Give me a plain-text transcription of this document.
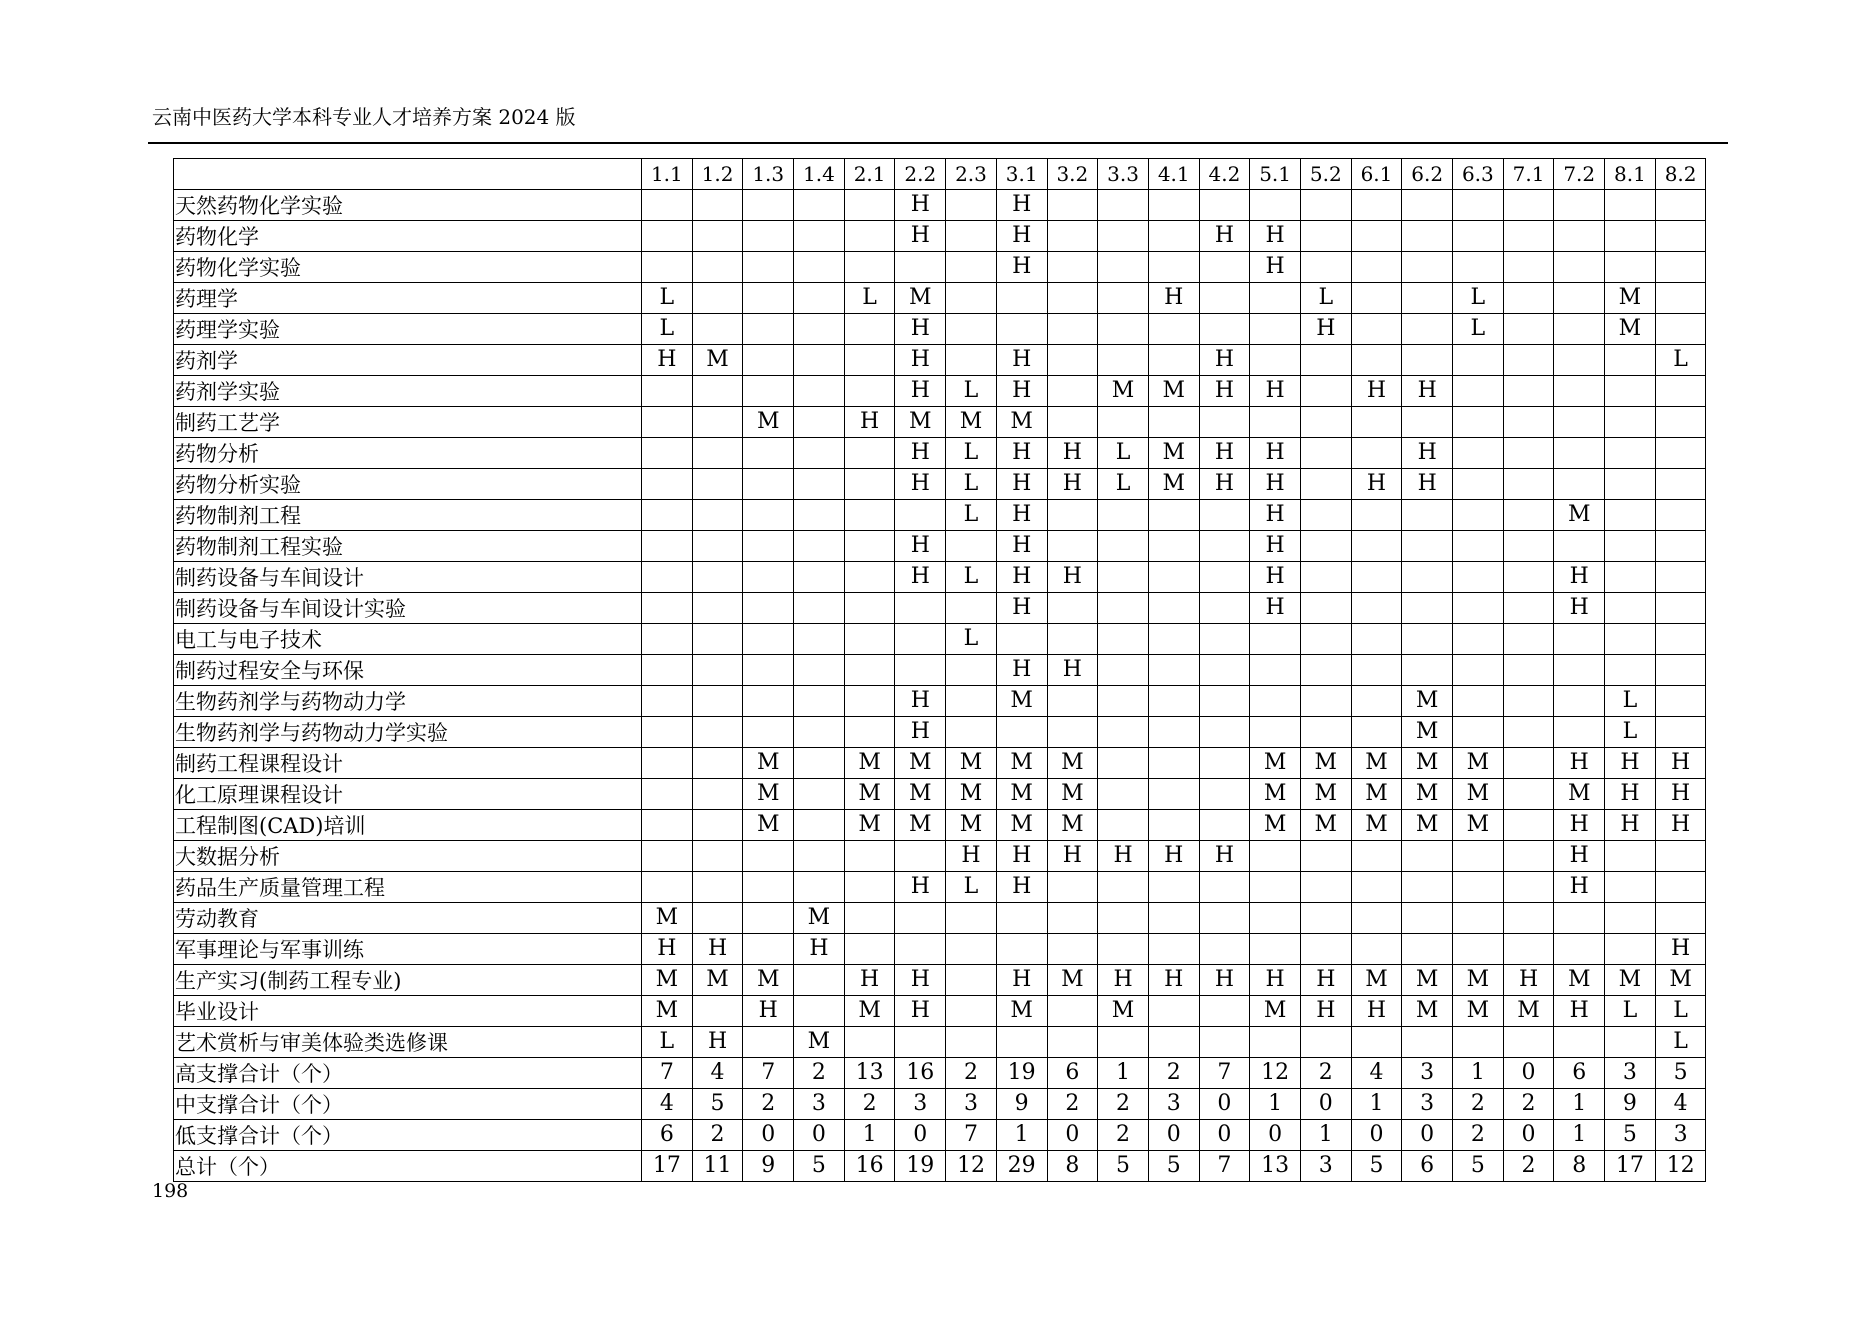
云南中医药大学本科专业人才培养方案 2024 版
	1.1	1.2	1.3	1.4	2.1	2.2	2.3	3.1	3.2	3.3	4.1	4.2	5.1	5.2	6.1	6.2	6.3	7.1	7.2	8.1	8.2
天然药物化学实验						H		H													
药物化学						H		H				H	H								
药物化学实验								H					H								
药理学	L				L	M					H			L			L			M	
药理学实验	L					H								H			L			M	
药剂学	H	M				H		H				H									L
药剂学实验						H	L	H		M	M	H	H		H	H					
制药工艺学			M		H	M	M	M													
药物分析						H	L	H	H	L	M	H	H			H					
药物分析实验						H	L	H	H	L	M	H	H		H	H					
药物制剂工程							L	H					H						M		
药物制剂工程实验						H		H					H								
制药设备与车间设计						H	L	H	H				H						H		
制药设备与车间设计实验								H					H						H		
电工与电子技术							L														
制药过程安全与环保								H	H												
生物药剂学与药物动力学						H		M								M				L	
生物药剂学与药物动力学实验						H										M				L	
制药工程课程设计			M		M	M	M	M	M				M	M	M	M	M		H	H	H
化工原理课程设计			M		M	M	M	M	M				M	M	M	M	M		M	H	H
工程制图(CAD)培训			M		M	M	M	M	M				M	M	M	M	M		H	H	H
大数据分析							H	H	H	H	H	H							H		
药品生产质量管理工程						H	L	H											H		
劳动教育	M			M																	
军事理论与军事训练	H	H		H																	H
生产实习(制药工程专业)	M	M	M		H	H		H	M	H	H	H	H	H	M	M	M	H	M	M	M
毕业设计	M		H		M	H		M		M			M	H	H	M	M	M	H	L	L
艺术赏析与审美体验类选修课	L	H		M																	L
高支撑合计（个）	7	4	7	2	13	16	2	19	6	1	2	7	12	2	4	3	1	0	6	3	5
中支撑合计（个）	4	5	2	3	2	3	3	9	2	2	3	0	1	0	1	3	2	2	1	9	4
低支撑合计（个）	6	2	0	0	1	0	7	1	0	2	0	0	0	1	0	0	2	0	1	5	3
总计（个）	17	11	9	5	16	19	12	29	8	5	5	7	13	3	5	6	5	2	8	17	12
198
